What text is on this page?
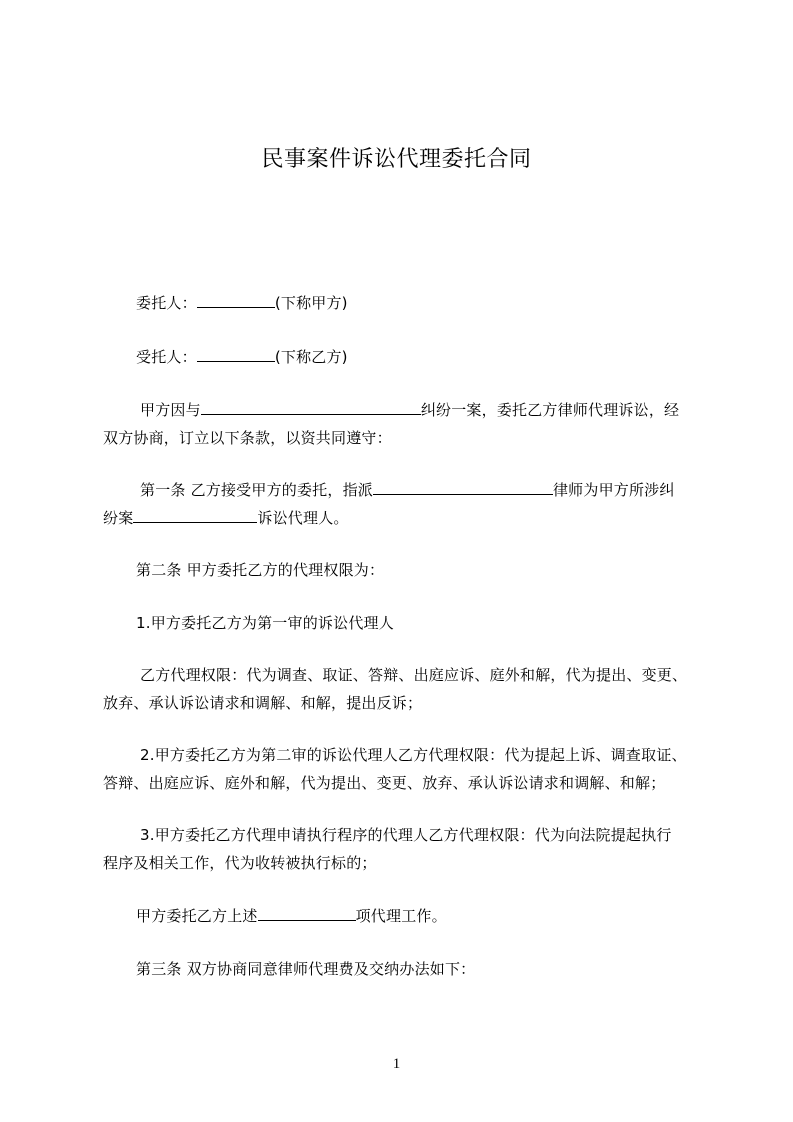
民事案件诉讼代理委托合同
委托人：	(下称甲方)
受托人：	(下称乙方)
甲方因与	纠纷一案，委托乙方律师代理诉讼，经
双方协商，订立以下条款，以资共同遵守：
第一条 乙方接受甲方的委托，指派	律师为甲方所涉纠
纷案	诉讼代理人。
第二条 甲方委托乙方的代理权限为：
1.甲方委托乙方为第一审的诉讼代理人
乙方代理权限：代为调查、取证、答辩、出庭应诉、庭外和解，代为提出、变更、
放弃、承认诉讼请求和调解、和解，提出反诉；
2.甲方委托乙方为第二审的诉讼代理人乙方代理权限：代为提起上诉、调查取证、
答辩、出庭应诉、庭外和解，代为提出、变更、放弃、承认诉讼请求和调解、和解；
3.甲方委托乙方代理申请执行程序的代理人乙方代理权限：代为向法院提起执行
程序及相关工作，代为收转被执行标的；
甲方委托乙方上述	项代理工作。
第三条 双方协商同意律师代理费及交纳办法如下：
1
